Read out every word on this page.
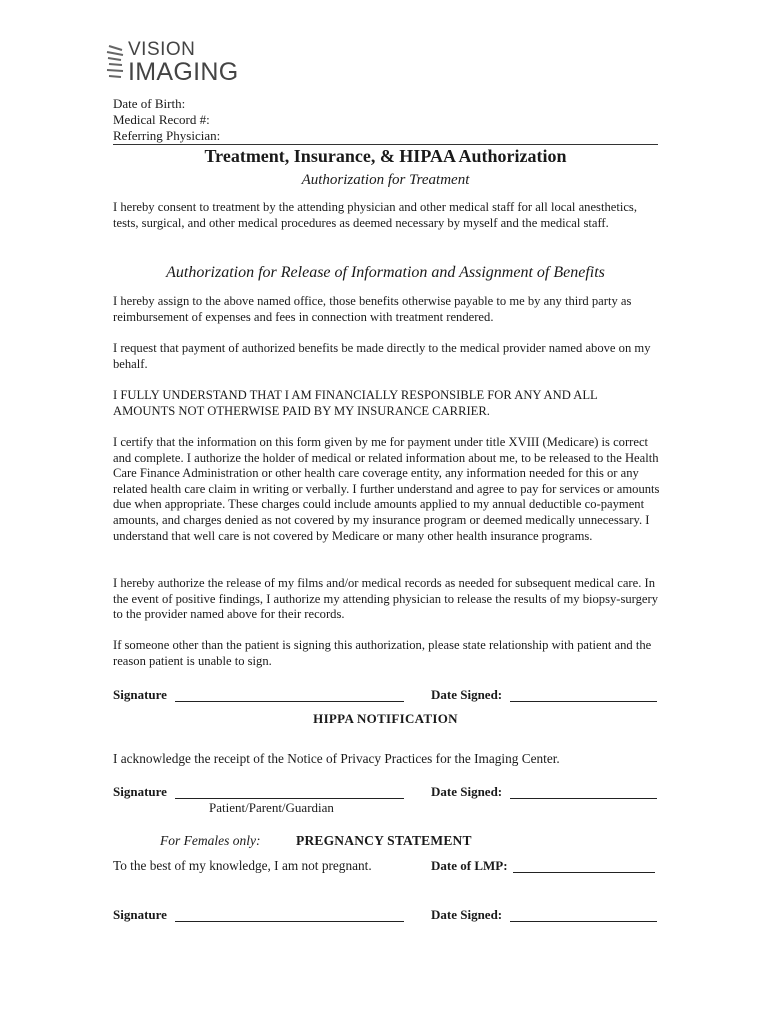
VISION
IMAGING
Date of Birth:
Medical Record #:
Referring Physician:
Treatment, Insurance, & HIPAA Authorization
Authorization for Treatment

I hereby consent to treatment by the attending physician and other medical staff for all local anesthetics, tests, surgical, and other medical procedures as deemed necessary by myself and the medical staff.

Authorization for Release of Information and Assignment of Benefits

I hereby assign to the above named office, those benefits otherwise payable to me by any third party as reimbursement of expenses and fees in connection with treatment rendered.

I request that payment of authorized benefits be made directly to the medical provider named above on my behalf.

I FULLY UNDERSTAND THAT I AM FINANCIALLY RESPONSIBLE FOR ANY AND ALL AMOUNTS NOT OTHERWISE PAID BY MY INSURANCE CARRIER.

I certify that the information on this form given by me for payment under title XVIII (Medicare) is correct and complete. I authorize the holder of medical or related information about me, to be released to the Health Care Finance Administration or other health care coverage entity, any information needed for this or any related health care claim in writing or verbally. I further understand and agree to pay for services or amounts due when appropriate. These charges could include amounts applied to my annual deductible co-payment amounts, and charges denied as not covered by my insurance program or deemed medically unnecessary. I understand that well care is not covered by Medicare or many other health insurance programs.

I hereby authorize the release of my films and/or medical records as needed for subsequent medical care. In the event of positive findings, I authorize my attending physician to release the results of my biopsy-surgery to the provider named above for their records.

If someone other than the patient is signing this authorization, please state relationship with patient and the reason patient is unable to sign.

Signature	Date Signed:
HIPPA NOTIFICATION
I acknowledge the receipt of the Notice of Privacy Practices for the Imaging Center.
Signature	Date Signed:
Patient/Parent/Guardian
For Females only:	PREGNANCY STATEMENT
To the best of my knowledge, I am not pregnant.	Date of LMP:
Signature	Date Signed:
